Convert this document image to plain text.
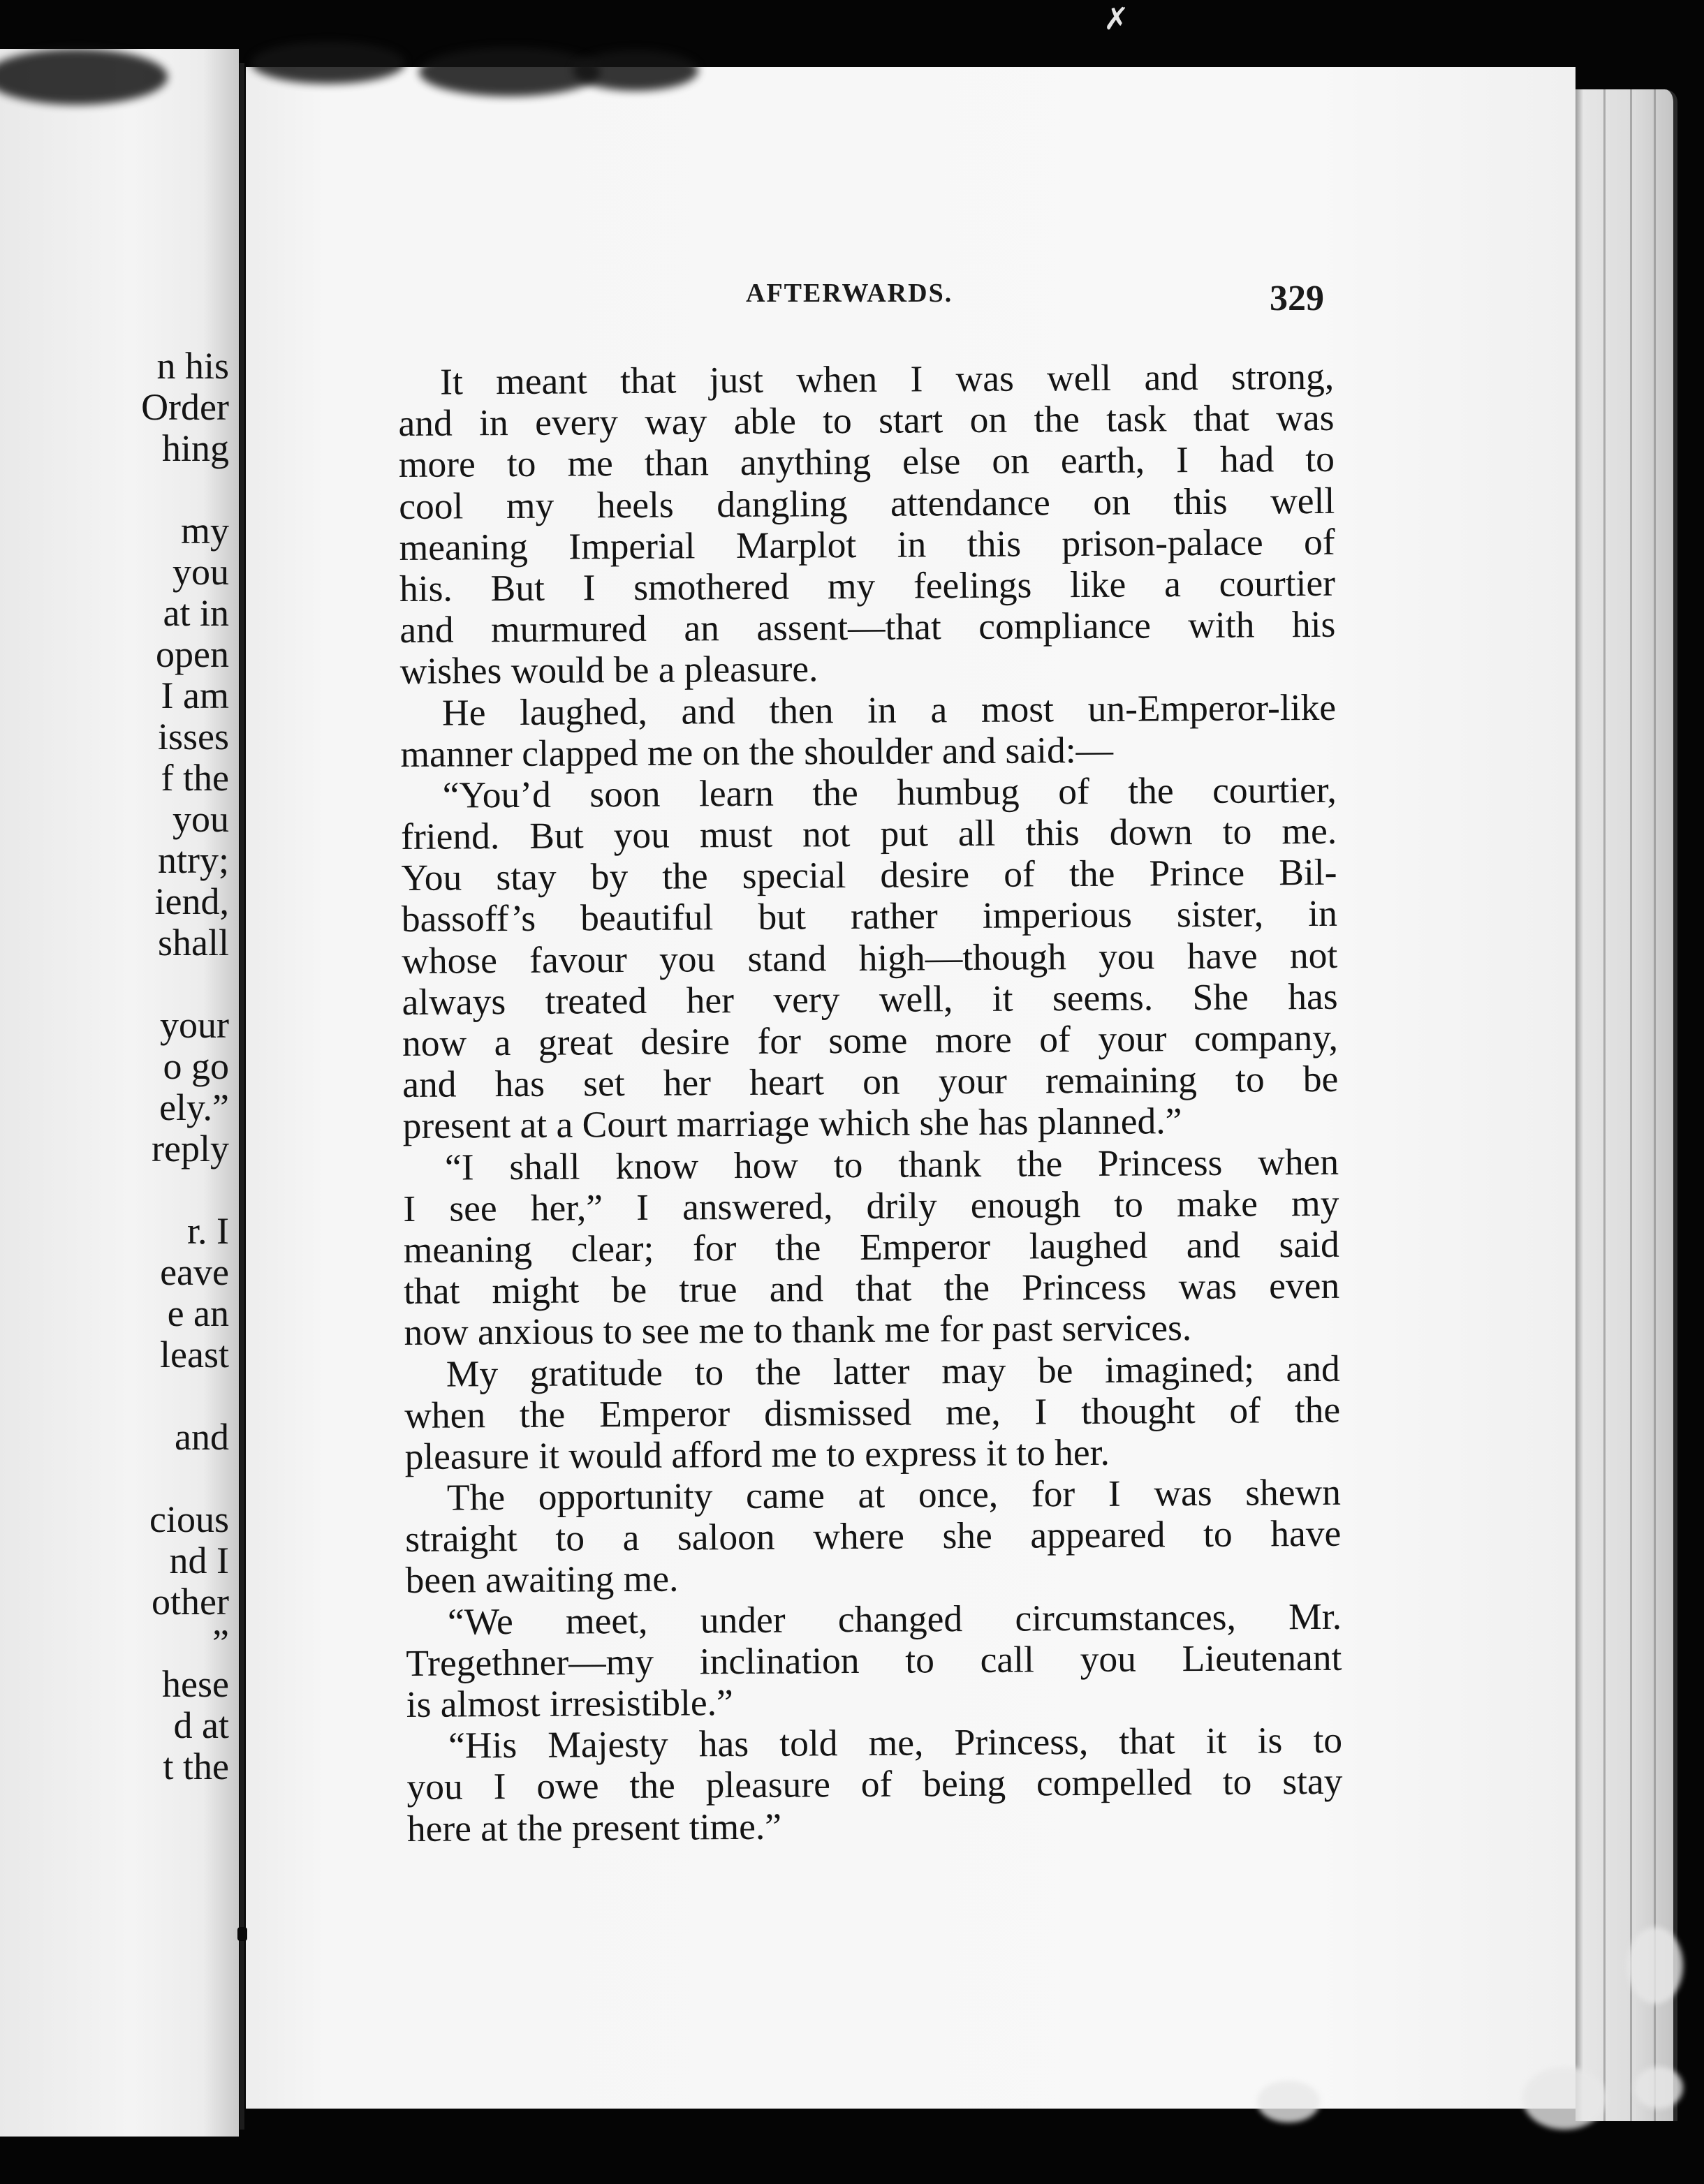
n his
Order
hing
my
you
at in
open
I am
isses
f the
you
ntry;
iend,
shall
your
o go
ely.”
reply
r. I
eave
e an
least
and
cious
nd I
other
”
hese
d at
t the
✗
AFTERWARDS.	329
It meant that just when I was well and strong,
and in every way able to start on the task that was
more to me than anything else on earth, I had to
cool my heels dangling attendance on this well
meaning Imperial Marplot in this prison-palace of
his. But I smothered my feelings like a courtier
and murmured an assent—that compliance with his
wishes would be a pleasure.
He laughed, and then in a most un-Emperor-like
manner clapped me on the shoulder and said:—
“You’d soon learn the humbug of the courtier,
friend. But you must not put all this down to me.
You stay by the special desire of the Prince Bil-
bassoff’s beautiful but rather imperious sister, in
whose favour you stand high—though you have not
always treated her very well, it seems. She has
now a great desire for some more of your company,
and has set her heart on your remaining to be
present at a Court marriage which she has planned.”
“I shall know how to thank the Princess when
I see her,” I answered, drily enough to make my
meaning clear; for the Emperor laughed and said
that might be true and that the Princess was even
now anxious to see me to thank me for past services.
My gratitude to the latter may be imagined; and
when the Emperor dismissed me, I thought of the
pleasure it would afford me to express it to her.
The opportunity came at once, for I was shewn
straight to a saloon where she appeared to have
been awaiting me.
“We meet, under changed circumstances, Mr.
Tregethner—my inclination to call you Lieutenant
is almost irresistible.”
“His Majesty has told me, Princess, that it is to
you I owe the pleasure of being compelled to stay
here at the present time.”
